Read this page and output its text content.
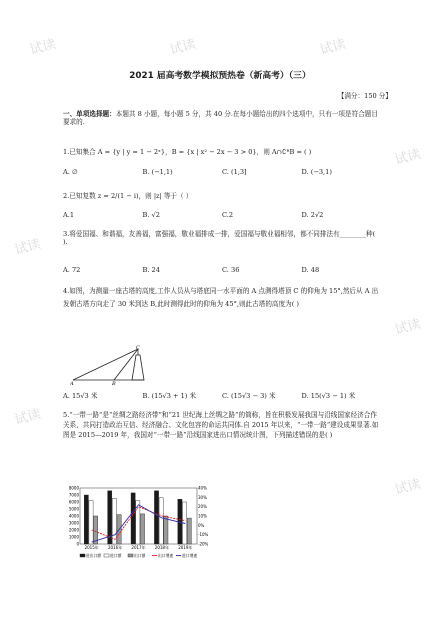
试读	试读	试读
试读
试读
试读
试读
试读
2021 届高考数学模拟预热卷（新高考）（三）
【满分：150 分】
一、单项选择题：本题共 8 小题，每小题 5 分，共 40 分.在每小题给出的四个选项中，只有一项是符合题目要求的.
1.已知集合 A = {y | y = 1 − 2ˣ}，B = {x | x² − 2x − 3 > 0}，则 A∩∁ᴿB = ( )
A. ∅	B. (−1,1)	C. (1,3]	D. (−3,1)
2.已知复数 z = 2/(1 − i)，则 |z| 等于（ ）
A.1	B. √2	C.2	D. 2√2
3.将爱国福、和谐福，友善福，富强福，敬业福排成一排，爱国福与敬业福相邻，都不同排法有________种( ).
A. 72	B. 24	C. 36	D. 48
4.如图，为测量一座古塔的高度,工作人员从与塔底同一水平面的 A 点测得塔顶 C 的仰角为 15°,然后从 A 出发朝古塔方向走了 30 米到达 B,此时测得此时的仰角为 45°,则此古塔的高度为( )
A	B
C
A. 15√3 米	B. (15√3 + 1) 米	C. (15√3 − 3) 米	D. 15(√3 − 1) 米
5.“一带一路”是“丝绸之路经济带”和“21 世纪海上丝绸之路”的简称，旨在积极发展我国与沿线国家经济合作关系，共同打造政治互信、经济融合、文化包容的命运共同体.自 2015 年以来，“一带一路”建设成果显著.如图是 2015—2019 年，我国对“一带一路”沿线国家进出口情况统计图，下列描述错误的是( )
8000
7000
6000
5000
4000
3000
2000
1000
0
40%
30%
20%
10%
0%
-10%
-20%
2015年 2016年 2017年 2018年 2019年
进出口额 进口额	出口额	出口增速 进口增速
